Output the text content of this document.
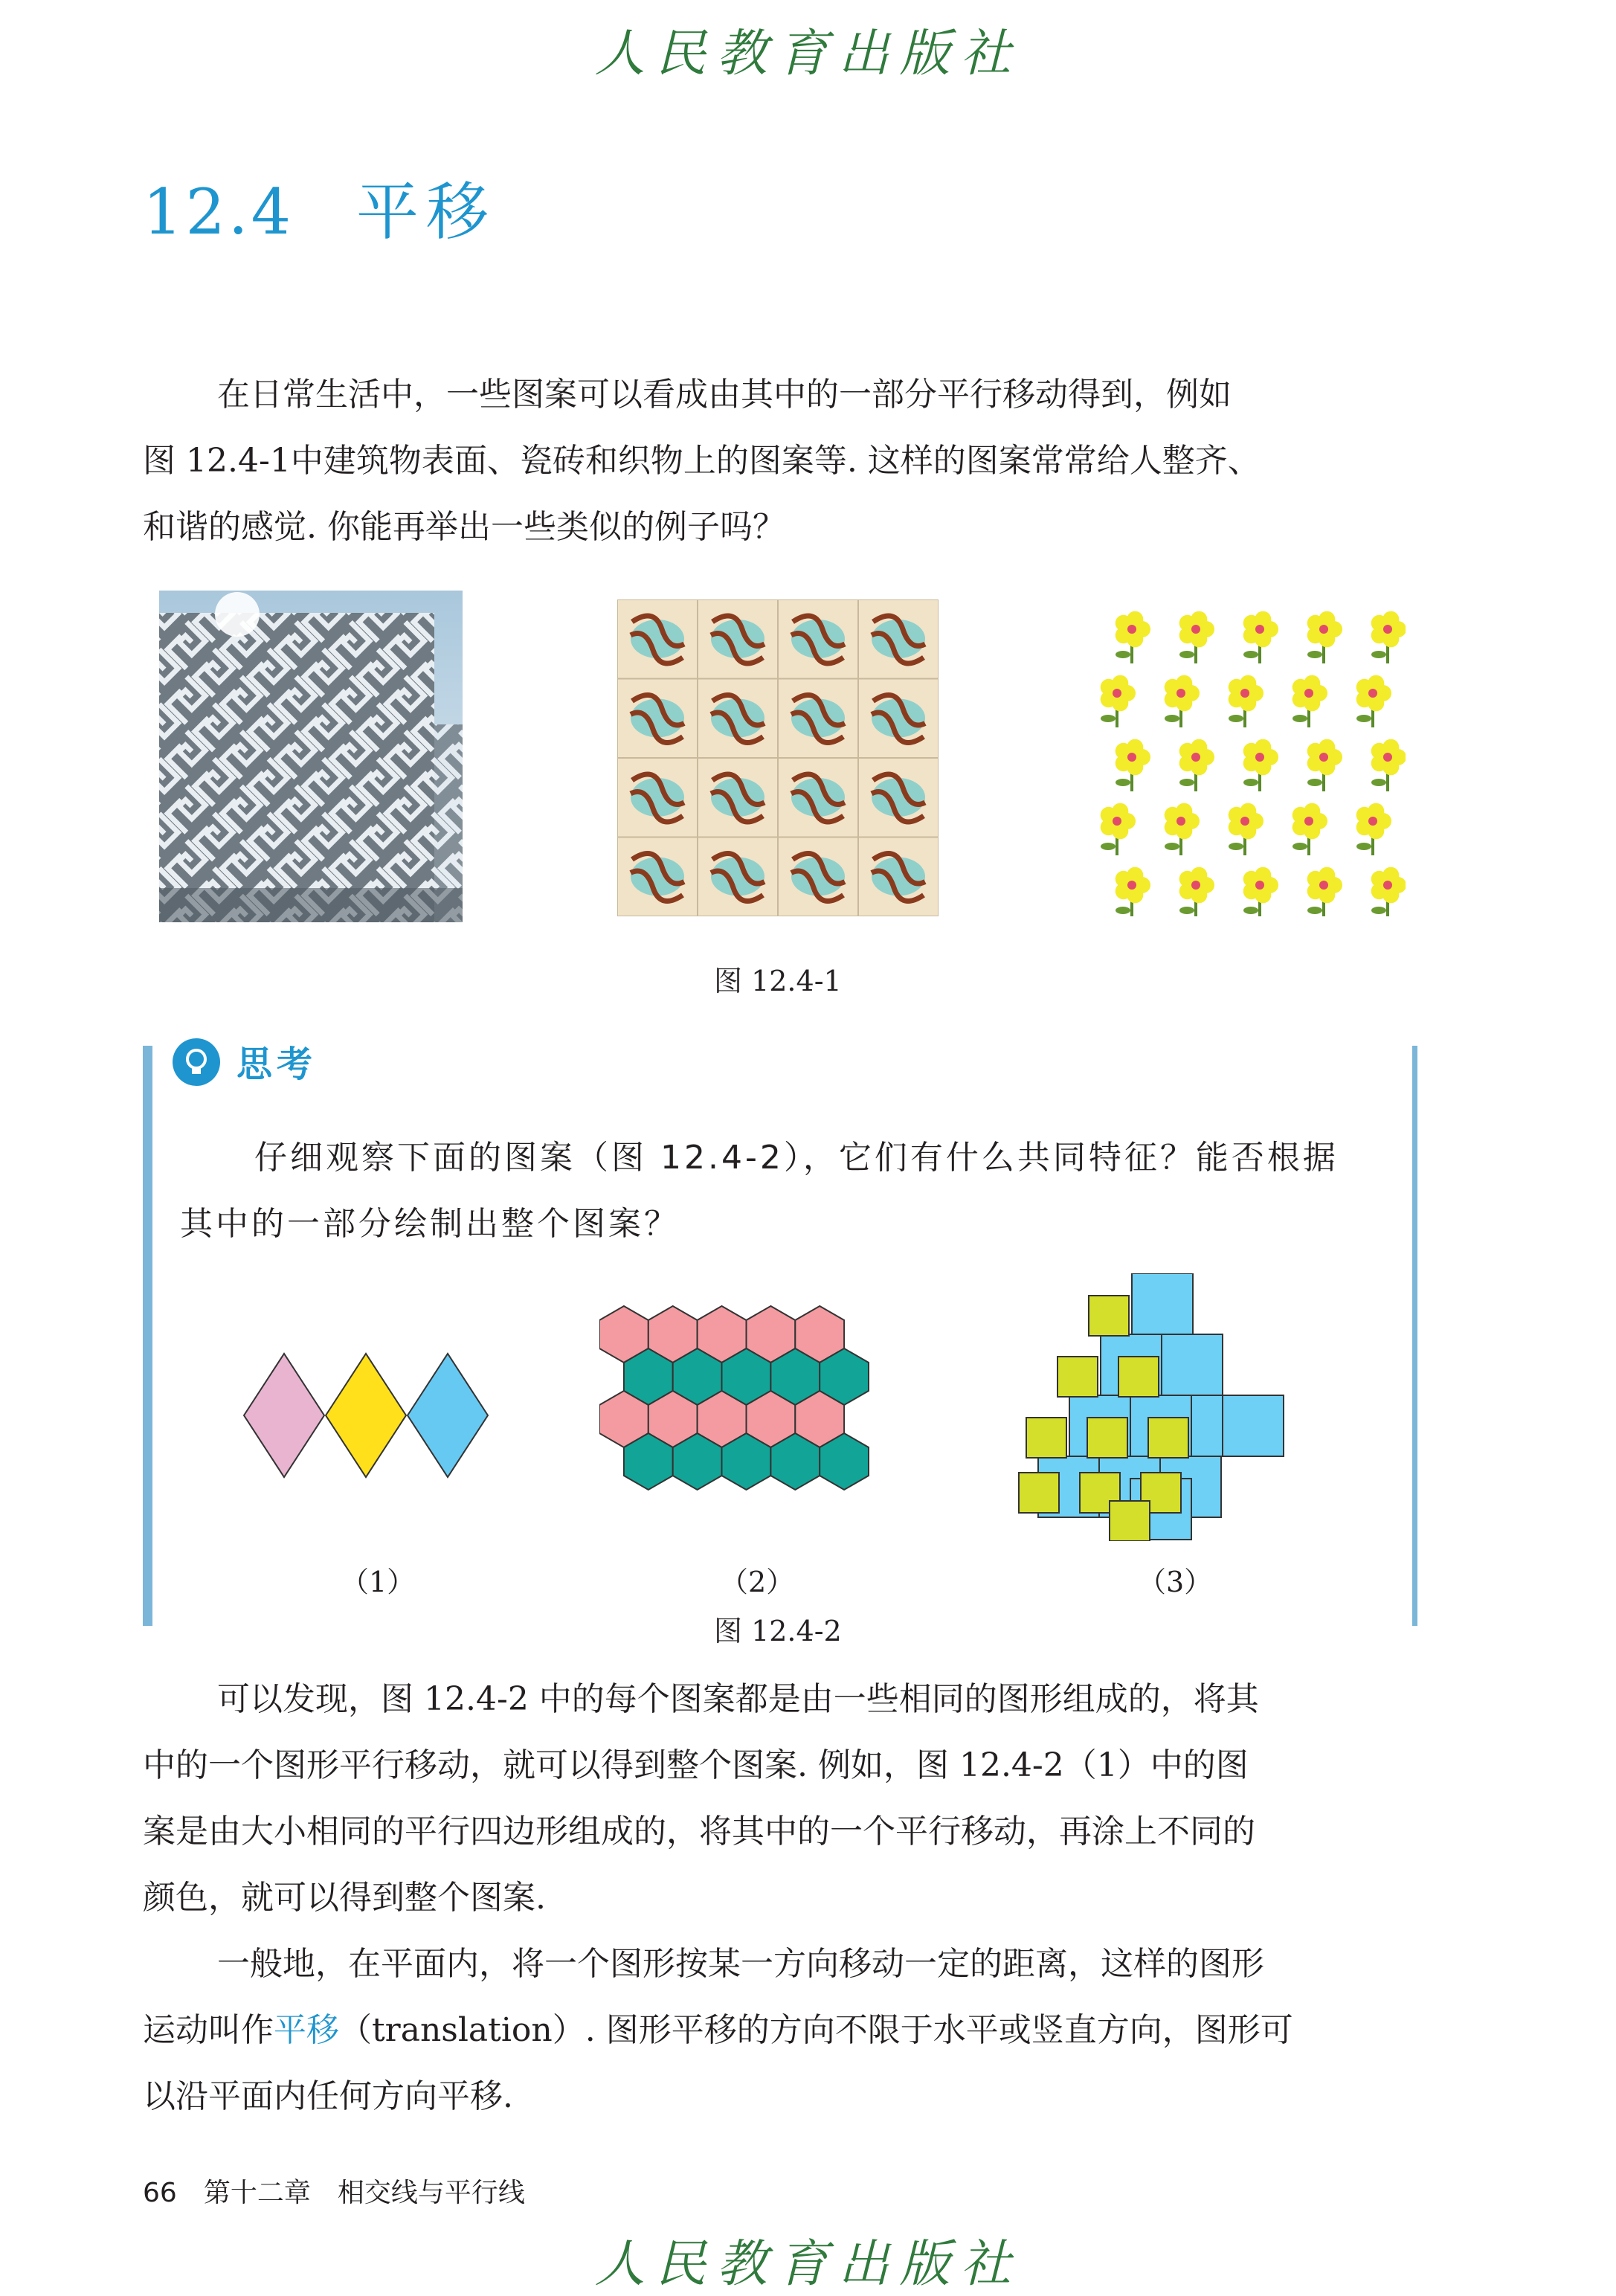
人民教育出版社
12.4 平移

在日常生活中，一些图案可以看成由其中的一部分平行移动得到，例如

图 12.4-1中建筑物表面、瓷砖和织物上的图案等. 这样的图案常常给人整齐、

和谐的感觉. 你能再举出一些类似的例子吗？

图 12.4-1
思考

仔细观察下面的图案（图 12.4-2），它们有什么共同特征？能否根据

其中的一部分绘制出整个图案？

（1）	（2）	（3）
图 12.4-2

可以发现，图 12.4-2 中的每个图案都是由一些相同的图形组成的，将其

中的一个图形平行移动，就可以得到整个图案. 例如，图 12.4-2（1）中的图

案是由大小相同的平行四边形组成的，将其中的一个平行移动，再涂上不同的

颜色，就可以得到整个图案.

一般地，在平面内，将一个图形按某一方向移动一定的距离，这样的图形

运动叫作平移（translation）. 图形平移的方向不限于水平或竖直方向，图形可

以沿平面内任何方向平移.

66 第十二章 相交线与平行线
人民教育出版社
